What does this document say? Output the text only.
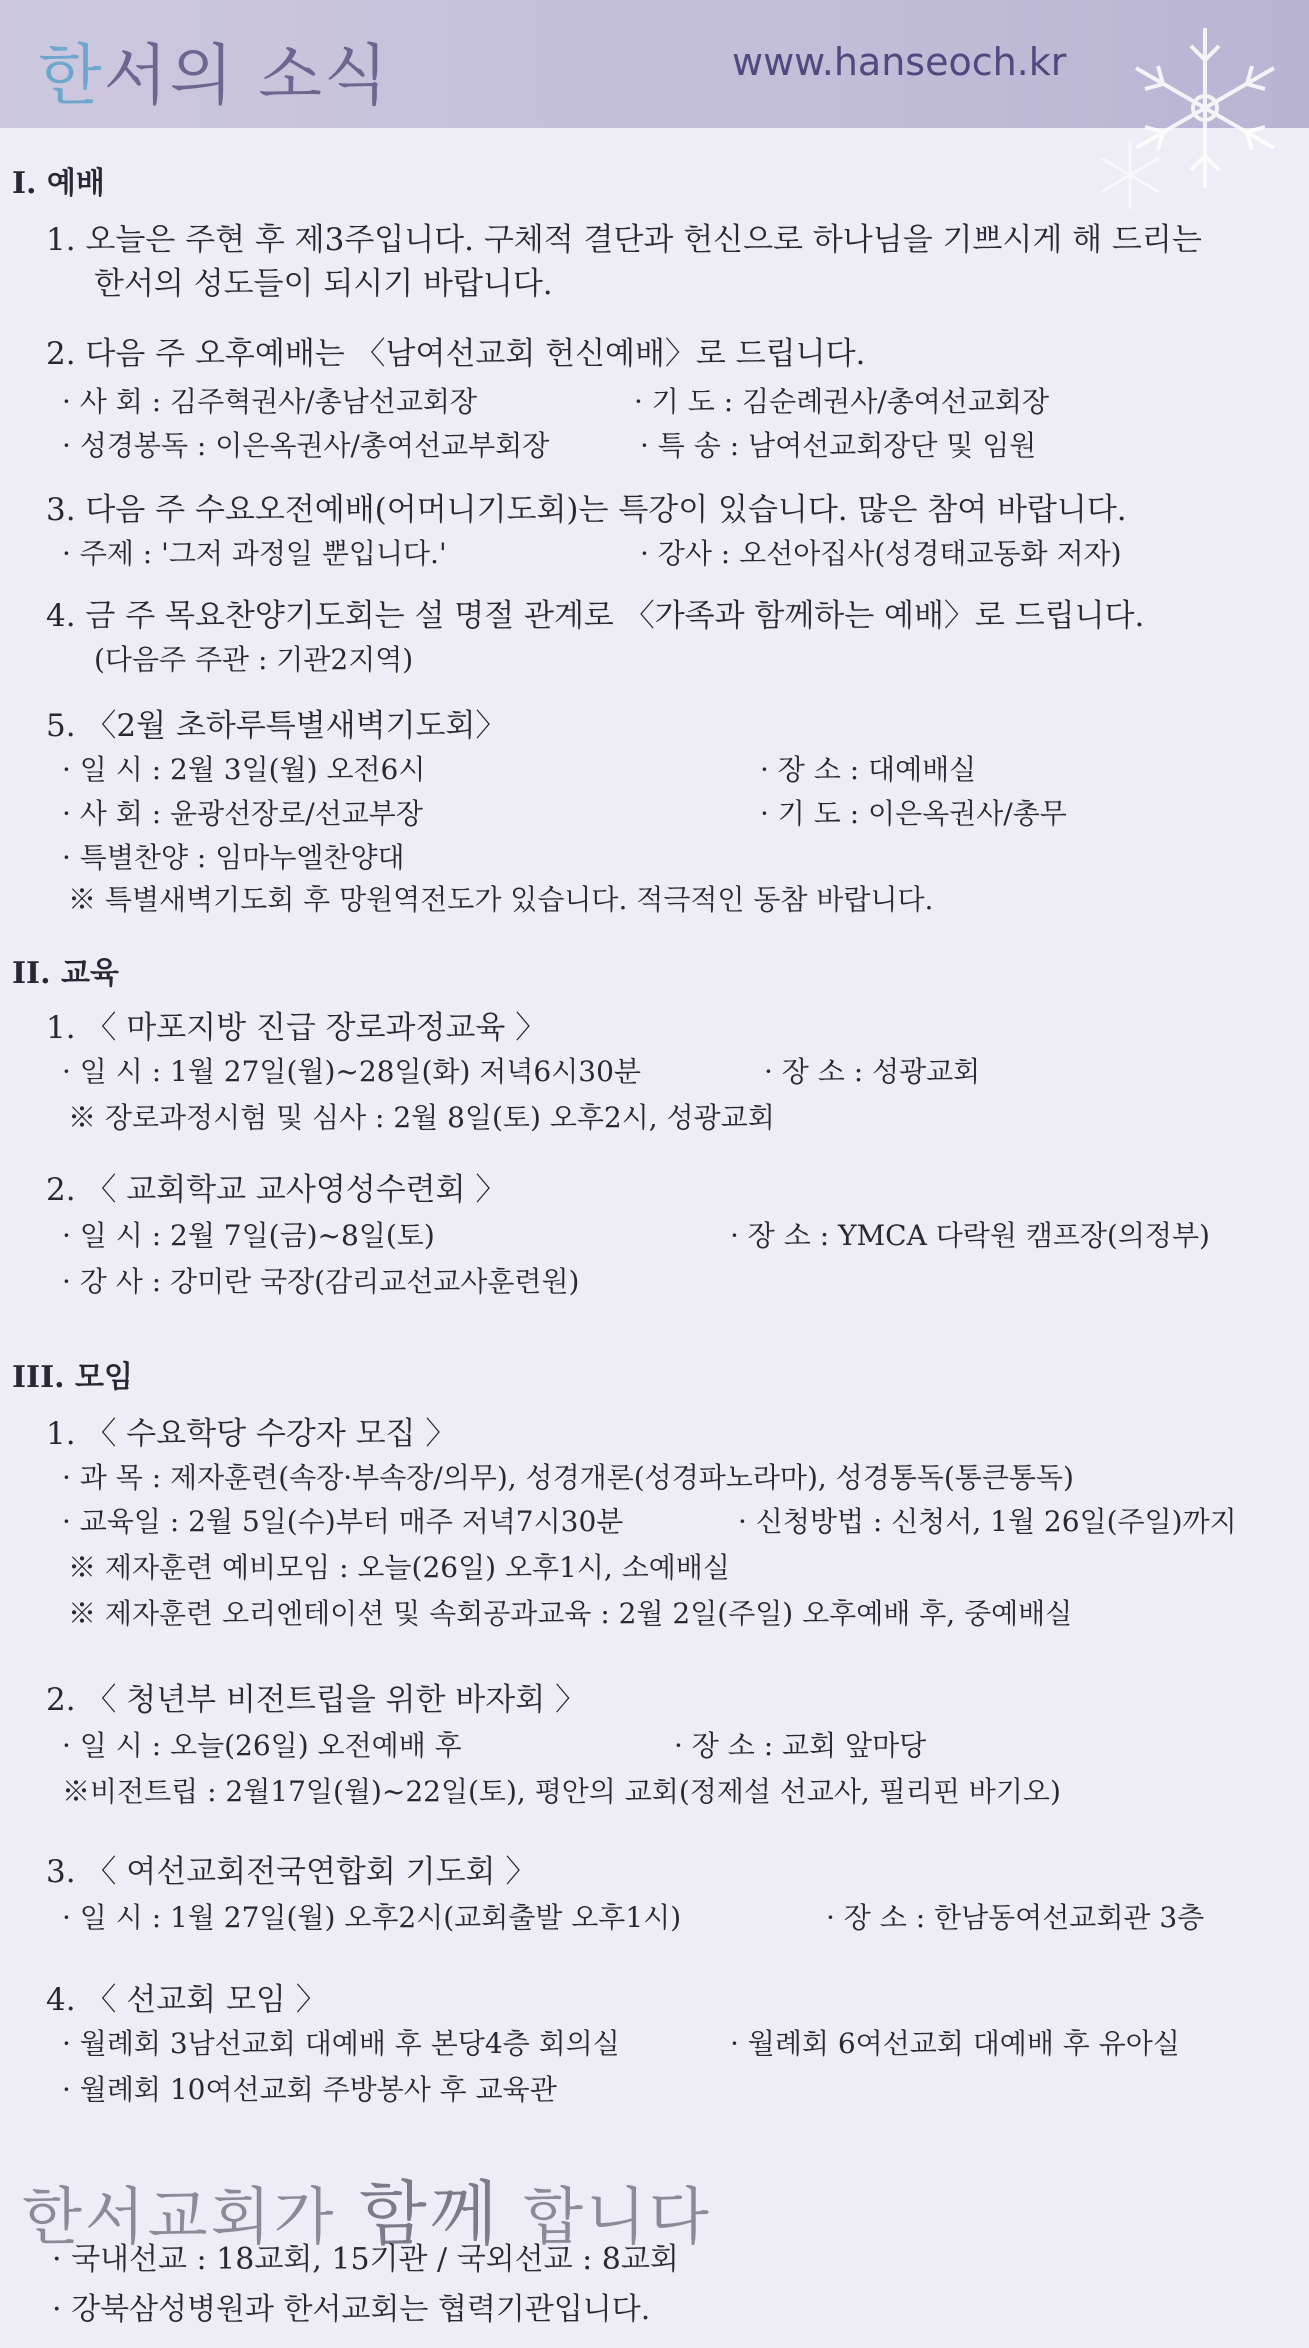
한서의 소식	www.hanseoch.kr
Ⅰ. 예배
1. 오늘은 주현 후 제3주입니다. 구체적 결단과 헌신으로 하나님을 기쁘시게 해 드리는
한서의 성도들이 되시기 바랍니다.
2. 다음 주 오후예배는 〈남여선교회 헌신예배〉로 드립니다.
· 사 회 : 김주혁권사/총남선교회장	· 기 도 : 김순례권사/총여선교회장
· 성경봉독 : 이은옥권사/총여선교부회장	· 특 송 : 남여선교회장단 및 임원
3. 다음 주 수요오전예배(어머니기도회)는 특강이 있습니다. 많은 참여 바랍니다.
· 주제 : '그저 과정일 뿐입니다.'	· 강사 : 오선아집사(성경태교동화 저자)
4. 금 주 목요찬양기도회는 설 명절 관계로 〈가족과 함께하는 예배〉로 드립니다.
(다음주 주관 : 기관2지역)
5. 〈2월 초하루특별새벽기도회〉
· 일 시 : 2월 3일(월) 오전6시	· 장 소 : 대예배실
· 사 회 : 윤광선장로/선교부장	· 기 도 : 이은옥권사/총무
· 특별찬양 : 임마누엘찬양대
※ 특별새벽기도회 후 망원역전도가 있습니다. 적극적인 동참 바랍니다.
II. 교육
1. 〈 마포지방 진급 장로과정교육 〉
· 일 시 : 1월 27일(월)~28일(화) 저녁6시30분	· 장 소 : 성광교회
※ 장로과정시험 및 심사 : 2월 8일(토) 오후2시, 성광교회
2. 〈 교회학교 교사영성수련회 〉
· 일 시 : 2월 7일(금)~8일(토)	· 장 소 : YMCA 다락원 캠프장(의정부)
· 강 사 : 강미란 국장(감리교선교사훈련원)
III. 모임
1. 〈 수요학당 수강자 모집 〉
· 과 목 : 제자훈련(속장·부속장/의무), 성경개론(성경파노라마), 성경통독(통큰통독)
· 교육일 : 2월 5일(수)부터 매주 저녁7시30분	· 신청방법 : 신청서, 1월 26일(주일)까지
※ 제자훈련 예비모임 : 오늘(26일) 오후1시, 소예배실
※ 제자훈련 오리엔테이션 및 속회공과교육 : 2월 2일(주일) 오후예배 후, 중예배실
2. 〈 청년부 비전트립을 위한 바자회 〉
· 일 시 : 오늘(26일) 오전예배 후	· 장 소 : 교회 앞마당
※비전트립 : 2월17일(월)~22일(토), 평안의 교회(정제설 선교사, 필리핀 바기오)
3. 〈 여선교회전국연합회 기도회 〉
· 일 시 : 1월 27일(월) 오후2시(교회출발 오후1시)	· 장 소 : 한남동여선교회관 3층
4. 〈 선교회 모임 〉
· 월례회 3남선교회 대예배 후 본당4층 회의실	· 월례회 6여선교회 대예배 후 유아실
· 월례회 10여선교회 주방봉사 후 교육관
한서교회가 함께 합니다
· 국내선교 : 18교회, 15기관 / 국외선교 : 8교회
· 강북삼성병원과 한서교회는 협력기관입니다.
